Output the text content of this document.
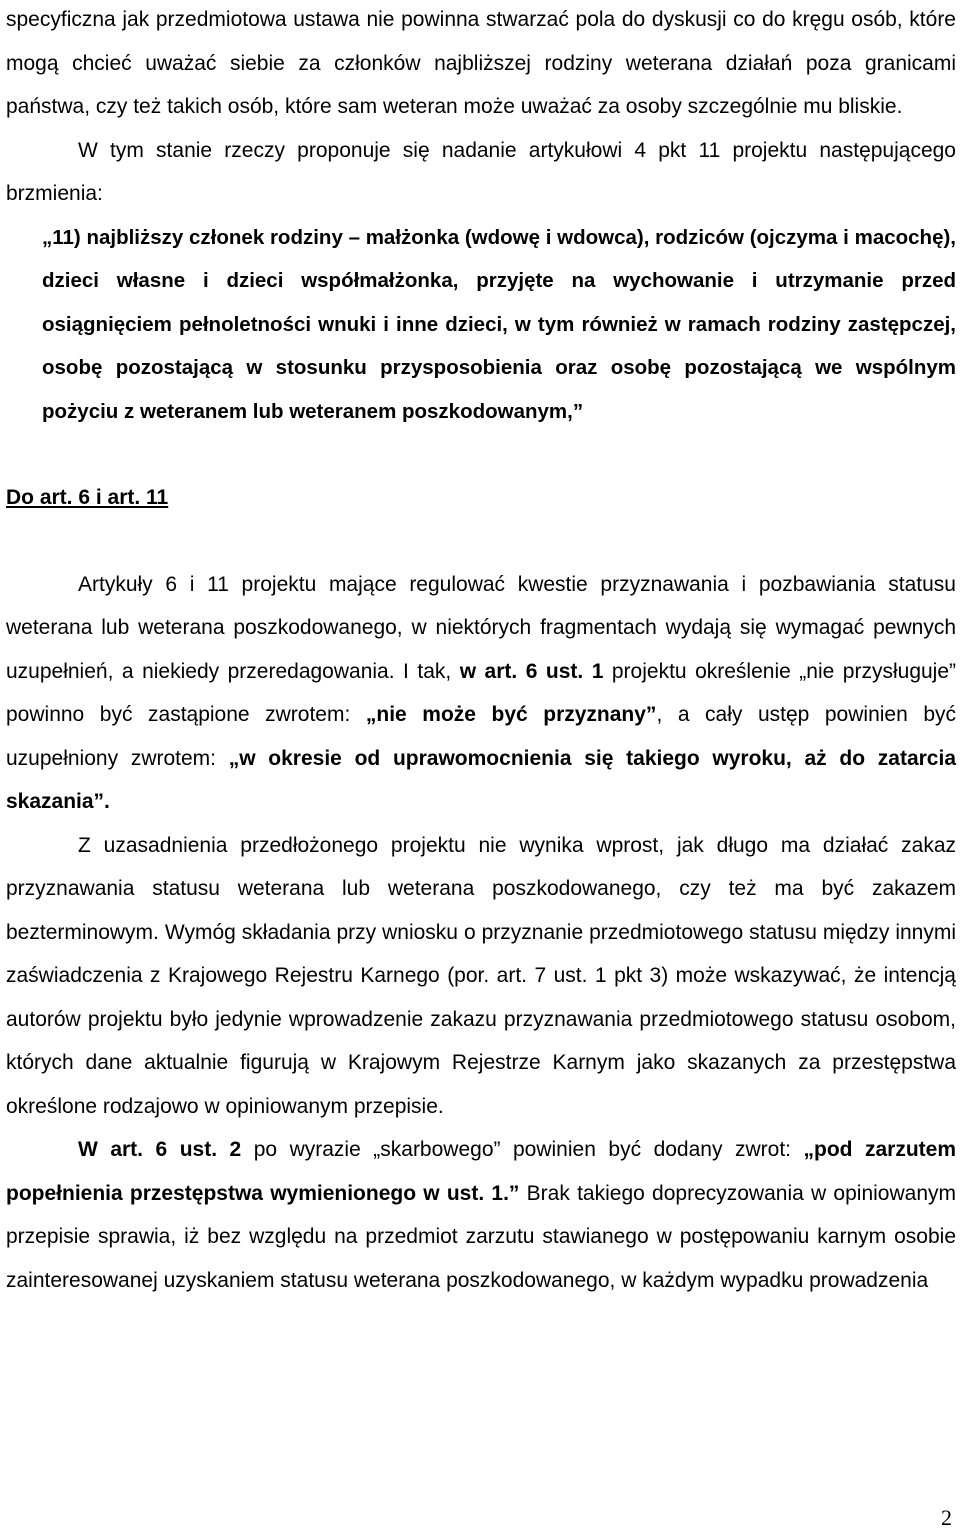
specyficzna jak przedmiotowa ustawa nie powinna stwarzać pola do dyskusji co do kręgu osób, które mogą chcieć uważać siebie za członków najbliższej rodziny weterana działań poza granicami państwa, czy też takich osób, które sam weteran może uważać za osoby szczególnie mu bliskie.

W tym stanie rzeczy proponuje się nadanie artykułowi 4 pkt 11 projektu następującego brzmienia:

„11) najbliższy członek rodziny – małżonka (wdowę i wdowca), rodziców (ojczyma i macochę), dzieci własne i dzieci współmałżonka, przyjęte na wychowanie i utrzymanie przed osiągnięciem pełnoletności wnuki i inne dzieci, w tym również w ramach rodziny zastępczej, osobę pozostającą w stosunku przysposobienia oraz osobę pozostającą we wspólnym pożyciu z weteranem lub weteranem poszkodowanym,”

Do art. 6 i art. 11

Artykuły 6 i 11 projektu mające regulować kwestie przyznawania i pozbawiania statusu weterana lub weterana poszkodowanego, w niektórych fragmentach wydają się wymagać pewnych uzupełnień, a niekiedy przeredagowania. I tak, w art. 6 ust. 1 projektu określenie „nie przysługuje” powinno być zastąpione zwrotem: „nie może być przyznany”, a cały ustęp powinien być uzupełniony zwrotem: „w okresie od uprawomocnienia się takiego wyroku, aż do zatarcia skazania”.

Z uzasadnienia przedłożonego projektu nie wynika wprost, jak długo ma działać zakaz przyznawania statusu weterana lub weterana poszkodowanego, czy też ma być zakazem bezterminowym. Wymóg składania przy wniosku o przyznanie przedmiotowego statusu między innymi zaświadczenia z Krajowego Rejestru Karnego (por. art. 7 ust. 1 pkt 3) może wskazywać, że intencją autorów projektu było jedynie wprowadzenie zakazu przyznawania przedmiotowego statusu osobom, których dane aktualnie figurują w Krajowym Rejestrze Karnym jako skazanych za przestępstwa określone rodzajowo w opiniowanym przepisie.

W art. 6 ust. 2 po wyrazie „skarbowego” powinien być dodany zwrot: „pod zarzutem popełnienia przestępstwa wymienionego w ust. 1.” Brak takiego doprecyzowania w opiniowanym przepisie sprawia, iż bez względu na przedmiot zarzutu stawianego w postępowaniu karnym osobie zainteresowanej uzyskaniem statusu weterana poszkodowanego, w każdym wypadku prowadzenia

2
